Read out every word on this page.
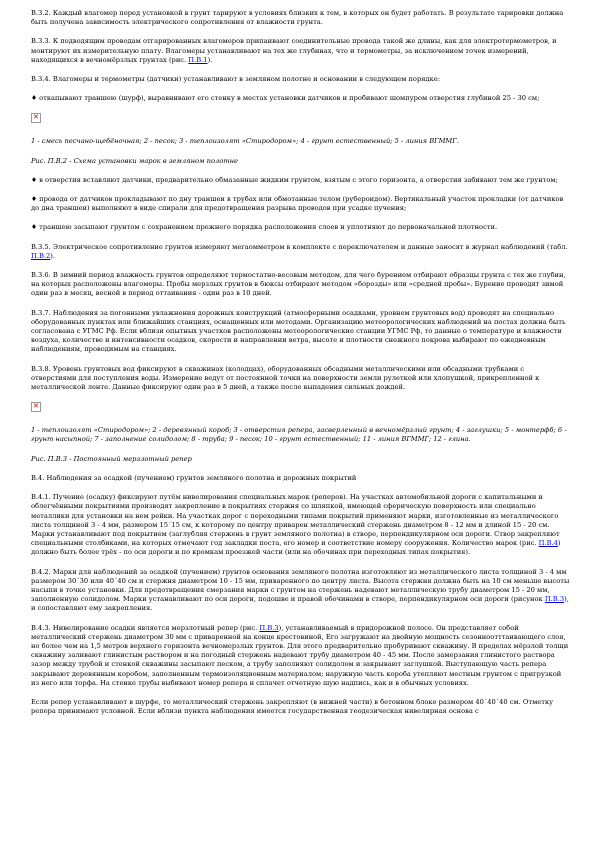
В.3.2. Каждый влагомер перед установкой в грунт тарируют в условиях близких к тем, в которых он будет работать. В результате тарировки должна быть получена зависимость электрического сопротивления от влажности грунта.

В.3.3. К подводящим проводам отгарированных влагомеров припаивают соединительные провода такой же длины, как для электротермометров, и монтируют их измерительную плату. Влагомеры устанавливают на тех же глубинах, что и термометры, за исключением точек измерений, находящихся в вечномёрзлых грунтах (рис. П.В.1).

В.3.4. Влагомеры и термометры (датчики) устанавливают в земляном полотне и основании в следующем порядке:

♦ откапывают траншею (шурф), выравнивают его стенку в местах установки датчиков и пробивают шомпуром отверстия глубиной 25 - 30 см;

✕

1 - смесь песчано-щебёночная; 2 - песок; 3 - теплоизолят «Стиродором»; 4 - грунт естественный; 5 - линия ВГММГ.

Рис. П.В.2 - Схема установки марок в земляном полотне

♦ в отверстия вставляют датчики, предварительно обмазанные жидким грунтом, взятым с этого горизонта, а отверстия забивают тем же грунтом;

♦ провода от датчиков прокладывают по дну траншеи в трубах или обмотанные телом (рубероидом). Вертикальный участок прокладки (от датчиков до дна траншеи) выполняют в виде спирали для предотвращения разрыва проводов при усадке пучения;

♦ траншею засыпают грунтом с сохранением прежнего порядка расположения слоев и уплотняют до первоначальной плотности.

В.3.5. Электрическое сопротивление грунтов измеряют мегаомметром в комплекте с переключателем и данные заносят в журнал наблюдений (табл. П.В.2).

В.3.6. В зимний период влажность грунтов определяют термостатно-весовым методом, для чего бурением отбирают образцы грунта с тех же глубин, на которых расположены влагомеры. Пробы мерзлых грунтов в бюксы отбирают методом «борозды» или «средней пробы». Бурение проводят зимой один раз в месяц, весной в период оттаивания - один раз в 10 дней.

В.3.7. Наблюдения за погонными увлажнения дорожных конструкций (атмосферными осадками, уровнем грунтовых вод) проводят на специально оборудованных пунктах или ближайших станциях, оснащенных или методами. Организацию метеорологических наблюдений на постах должна быть согласована с УГМС Рф. Если вблизи опытных участков расположены метеорологические станции УГМС Рф, то данные о температуре и влажности воздуха, количестве и интенсивности осадков, скорости и направлении ветра, высоте и плотности снежного покрова выбирают по ежедневным наблюдениям, проводимым на станциях.

В.3.8. Уровень грунтовых вод фиксируют в скважинах (колодцах), оборудованных обсадными металлическими или обсадными трубками с отверстиями для поступления воды. Измерение ведут от постоянной точки на поверхности земли рулеткой или хлопушкой, прикрепленной к металлической ленте. Данные фиксируют один раз в 5 дней, а также после выпадения сильных дождей.

✕

1 - теплоизолят «Стиродором»; 2 - деревянный короб; 3 - отверстия репера, засверленный в вечномёрзлый грунт; 4 - заглушки; 5 - монтерфб; 6 - грунт насыпной; 7 - заполнение солидолом; 8 - труба; 9 - песок; 10 - грунт естественный; 11 - линия ВГММГ; 12 - глина.

Рис. П.В.3 - Постоянный мерзлотный репер

В.4. Наблюдения за осадкой (пучением) грунтов земляного полотна и дорожных покрытий

В.4.1. Пучение (осадку) фиксируют путём нивелирования специальных марок (реперов). На участках автомобильной дороги с капитальными и облегчёнными покрытиями производят закрепление в покрытиях стержня со шляпкой, имеющей сферическую поверхность или специально металлики для установки на нем рейки. На участках дорог с переходными типами покрытий применяют марки, изготовленные из металлического листа толщиной 3 - 4 мм, размером 15´15 см, к которому по центру приварен металлический стержень диаметром 8 - 12 мм и длиной 15 - 20 см. Марки устанавливают под покрытием (заглубляя стержень в грунт земляного полотна) в створе, перпендикулярном оси дороги. Створ закрепляют специальными столбиками, на которых отмечают год закладки поста, его номер и соответствие номеру сооружения. Количество марок (рис. П.В.4) должно быть более трёх - по оси дороги и по кромкам проезжей части (или на обочинах при переходных типах покрытия).

В.4.2. Марки для наблюдений за осадкой (пучением) грунтов основания земляного полотна изготовляют из металлического листа толщиной 3 - 4 мм размером 30´30 или 40´40 см и стержня диаметром 10 - 15 мм, приваренного по центру листа. Высота стержня должна быть на 10 см меньше высоты насыпи в точке установки. Для предотвращения смерзания марки с грунтом на стержень надевают металлическую трубу диаметром 15 - 20 мм, заполненную солидолом. Марки устанавливают по оси дороги, подошве и правой обочинами в створе, перпендикулярном оси дороги (рисунок П.В.3), и сопоставляют ему закрепления.

В.4.3. Нивелирование осадки является мерзлотный репер (рис. П.В.3), устанавливаемый в придорожной полосе. Он представляет собой металлический стержень диаметром 30 мм с приваренной на конце крестовиной, Его загружают на двойную мощность сезонноотттаивающего слоя, но более чем на 1,5 метров верхнего горизонта вечномерзлых грунтов. Для этого предварительно пробуривают скважину. В пределах мёрзлой толщи скважину заливают глинистым раствором и на погодный стержень надевают трубу диаметром 40 - 45 мм. После замерзания глинистого раствора зазор между трубой и стенкой скважины засыпают песком, а трубу заполняют солидолом и закрывают заглушкой. Выступающую часть репера закрывают деревянным коробом, заполненным термоизоляционным материалом; наружную часть короба утепляют местным грунтом с пригрузкой из него или торфа. На стенке трубы выбивают номер репера и сплачет отчетную шую надпись, как и в обычных условиях.

Если репер устанавливают в шурфе, то металлический стержень закрепляют (в нижней части) в бетонном блоке размером 40´40´40 см. Отметку репера принимают условной. Если вблизи пункта наблюдения имеется государственная геодезическая нивелирная основа с
